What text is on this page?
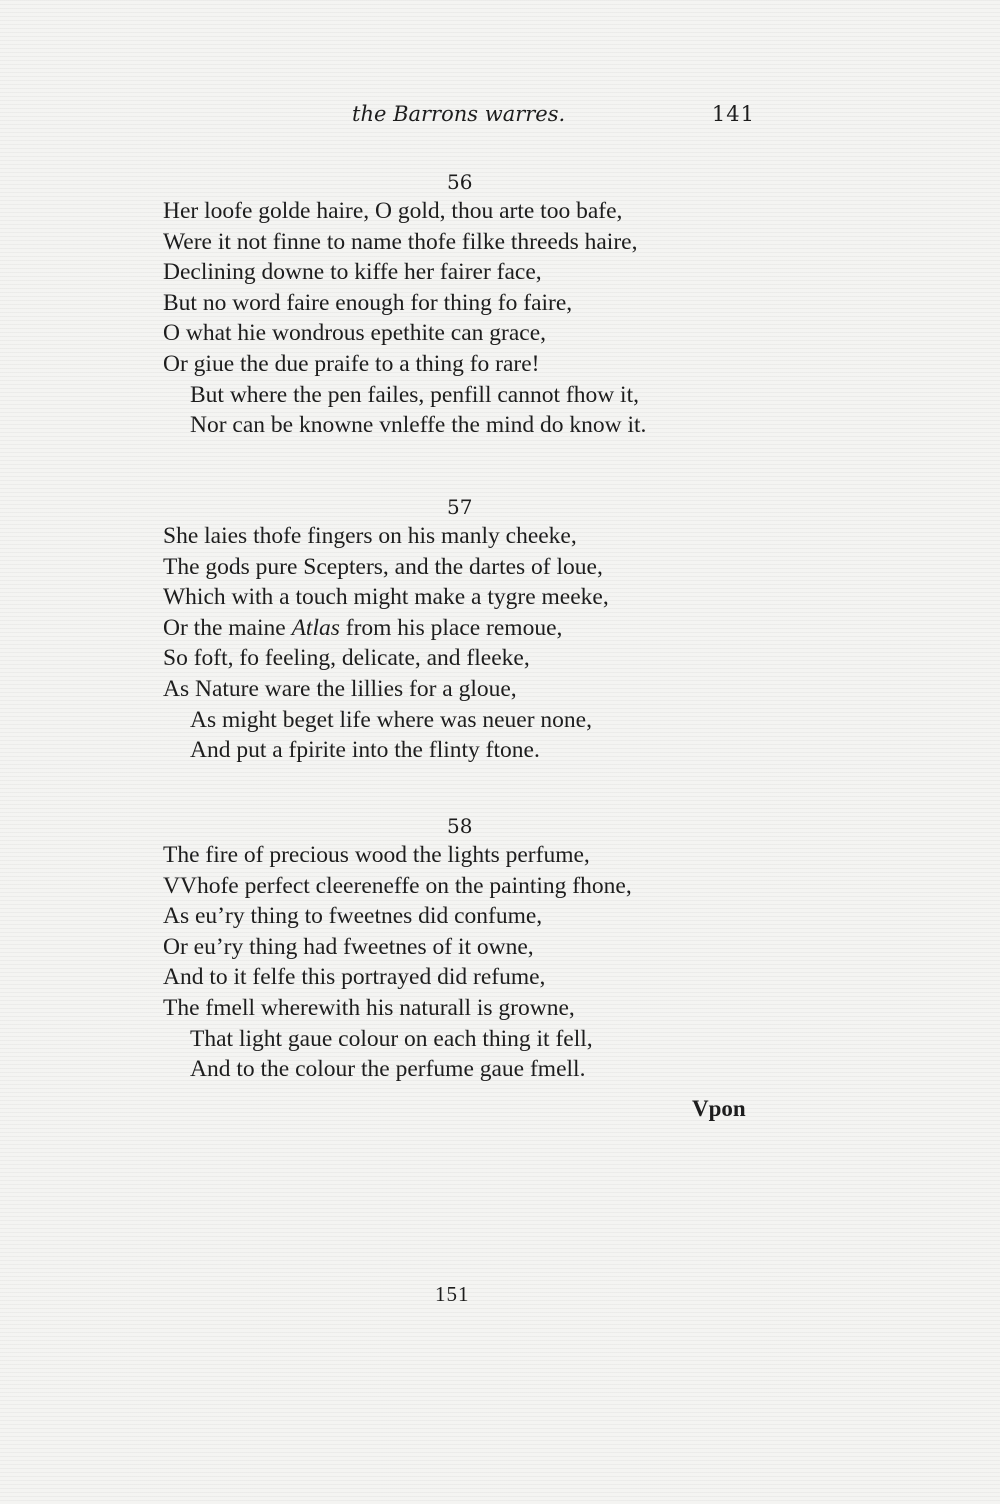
the Barrons warres.	141
56
Her loofe golde haire, O gold, thou arte too bafe,
Were it not finne to name thofe filke threeds haire,
Declining downe to kiffe her fairer face,
But no word faire enough for thing fo faire,
O what hie wondrous epethite can grace,
Or giue the due praife to a thing fo rare!
But where the pen failes, penfill cannot fhow it,
Nor can be knowne vnleffe the mind do know it.
57
She laies thofe fingers on his manly cheeke,
The gods pure Scepters, and the dartes of loue,
Which with a touch might make a tygre meeke,
Or the maine Atlas from his place remoue,
So foft, fo feeling, delicate, and fleeke,
As Nature ware the lillies for a gloue,
As might beget life where was neuer none,
And put a fpirite into the flinty ftone.
58
The fire of precious wood the lights perfume,
VVhofe perfect cleereneffe on the painting fhone,
As eu’ry thing to fweetnes did confume,
Or eu’ry thing had fweetnes of it owne,
And to it felfe this portrayed did refume,
The fmell wherewith his naturall is growne,
That light gaue colour on each thing it fell,
And to the colour the perfume gaue fmell.
Vpon
151
